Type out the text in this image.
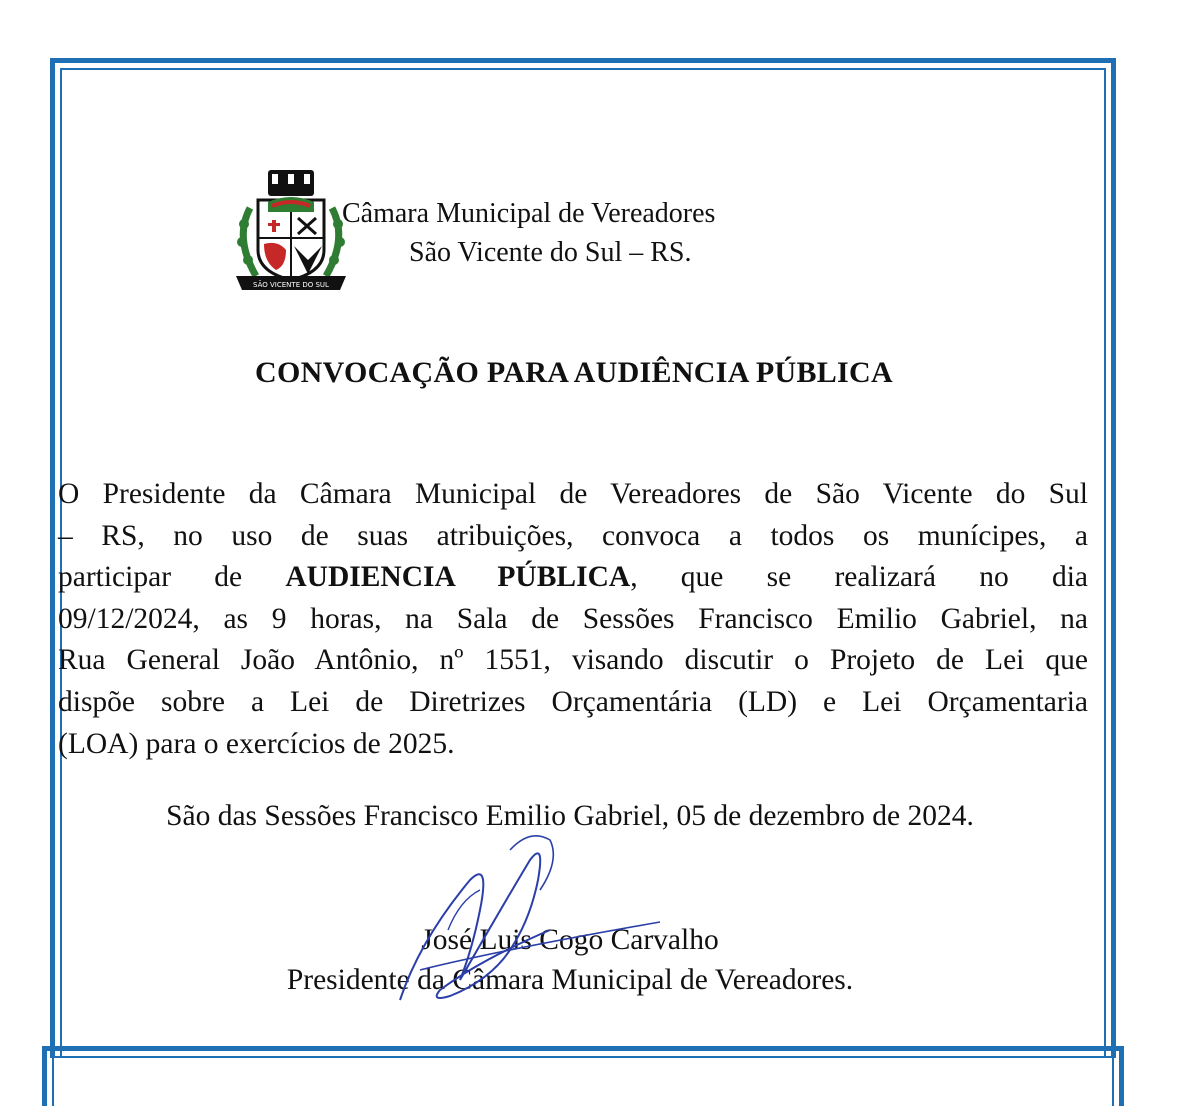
SÃO VICENTE DO SUL
Câmara Municipal de Vereadores
São Vicente do Sul – RS.
CONVOCAÇÃO PARA AUDIÊNCIA PÚBLICA
O Presidente da Câmara Municipal de Vereadores de São Vicente do Sul
– RS, no uso de suas atribuições, convoca a todos os munícipes, a
participar de AUDIENCIA PÚBLICA, que se realizará no dia
09/12/2024, as 9 horas, na Sala de Sessões Francisco Emilio Gabriel, na
Rua General João Antônio, nº 1551, visando discutir o Projeto de Lei que
dispõe sobre a Lei de Diretrizes Orçamentária (LD) e Lei Orçamentaria
(LOA) para o exercícios de 2025.
São das Sessões Francisco Emilio Gabriel, 05 de dezembro de 2024.
José Luis Cogo Carvalho
Presidente da Câmara Municipal de Vereadores.
